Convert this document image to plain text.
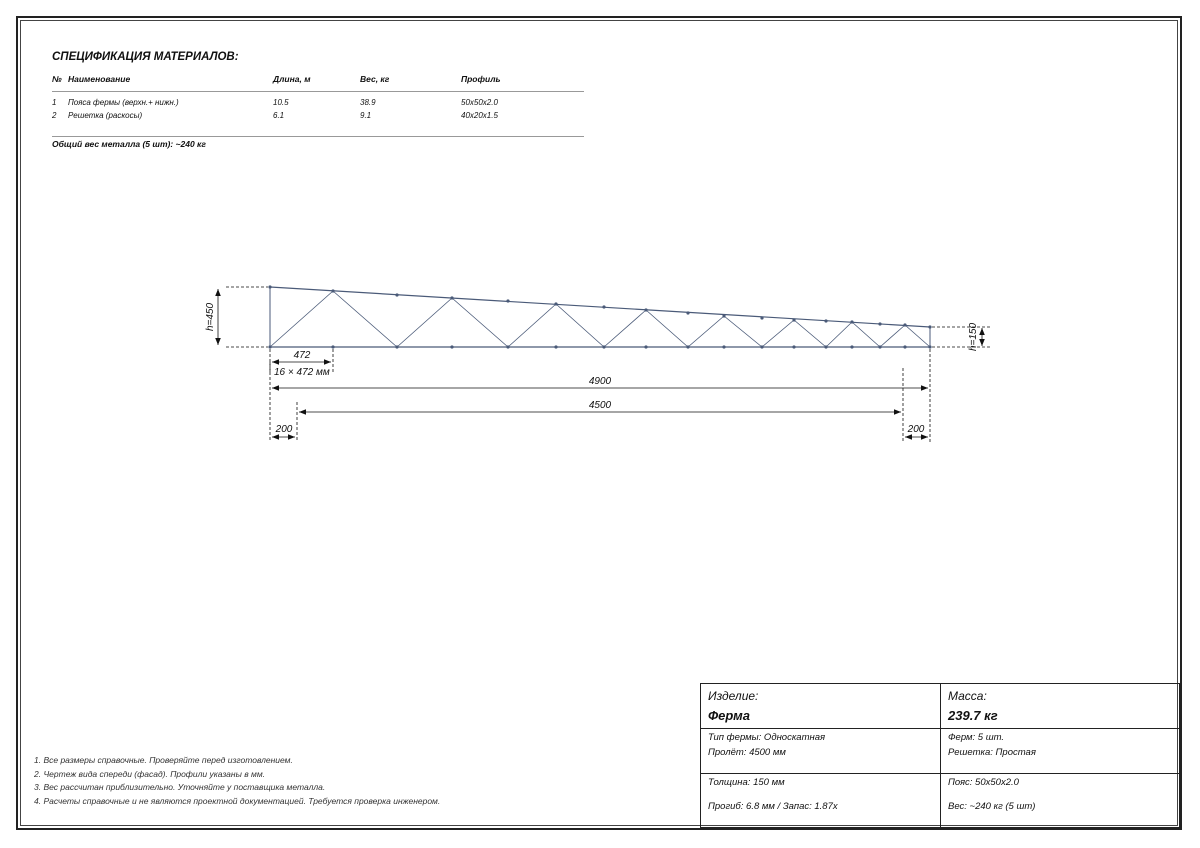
СПЕЦИФИКАЦИЯ МАТЕРИАЛОВ:
№ Наименование	Длина, м	Вес, кг	Профиль
1 Пояса фермы (верхн.+ нижн.)	10.5	38.9	50x50x2.0
2 Решетка (раскосы)	6.1	9.1	40x20x1.5
Общий вес металла (5 шт): ~240 кг
h=450
h=150
472
16 × 472 мм
4900
4500
200	200
1. Все размеры справочные. Проверяйте перед изготовлением.
2. Чертеж вида спереди (фасад). Профили указаны в мм.
3. Вес рассчитан приблизительно. Уточняйте у поставщика металла.
4. Расчеты справочные и не являются проектной документацией. Требуется проверка инженером.
Изделие:
Ферма
Масса:
239.7 кг
Тип фермы: Односкатная
Пролёт: 4500 мм
Ферм: 5 шт.
Решетка: Простая
Толщина: 150 мм
Прогиб: 6.8 мм / Запас: 1.87x
Пояс: 50x50x2.0
Вес: ~240 кг (5 шт)
